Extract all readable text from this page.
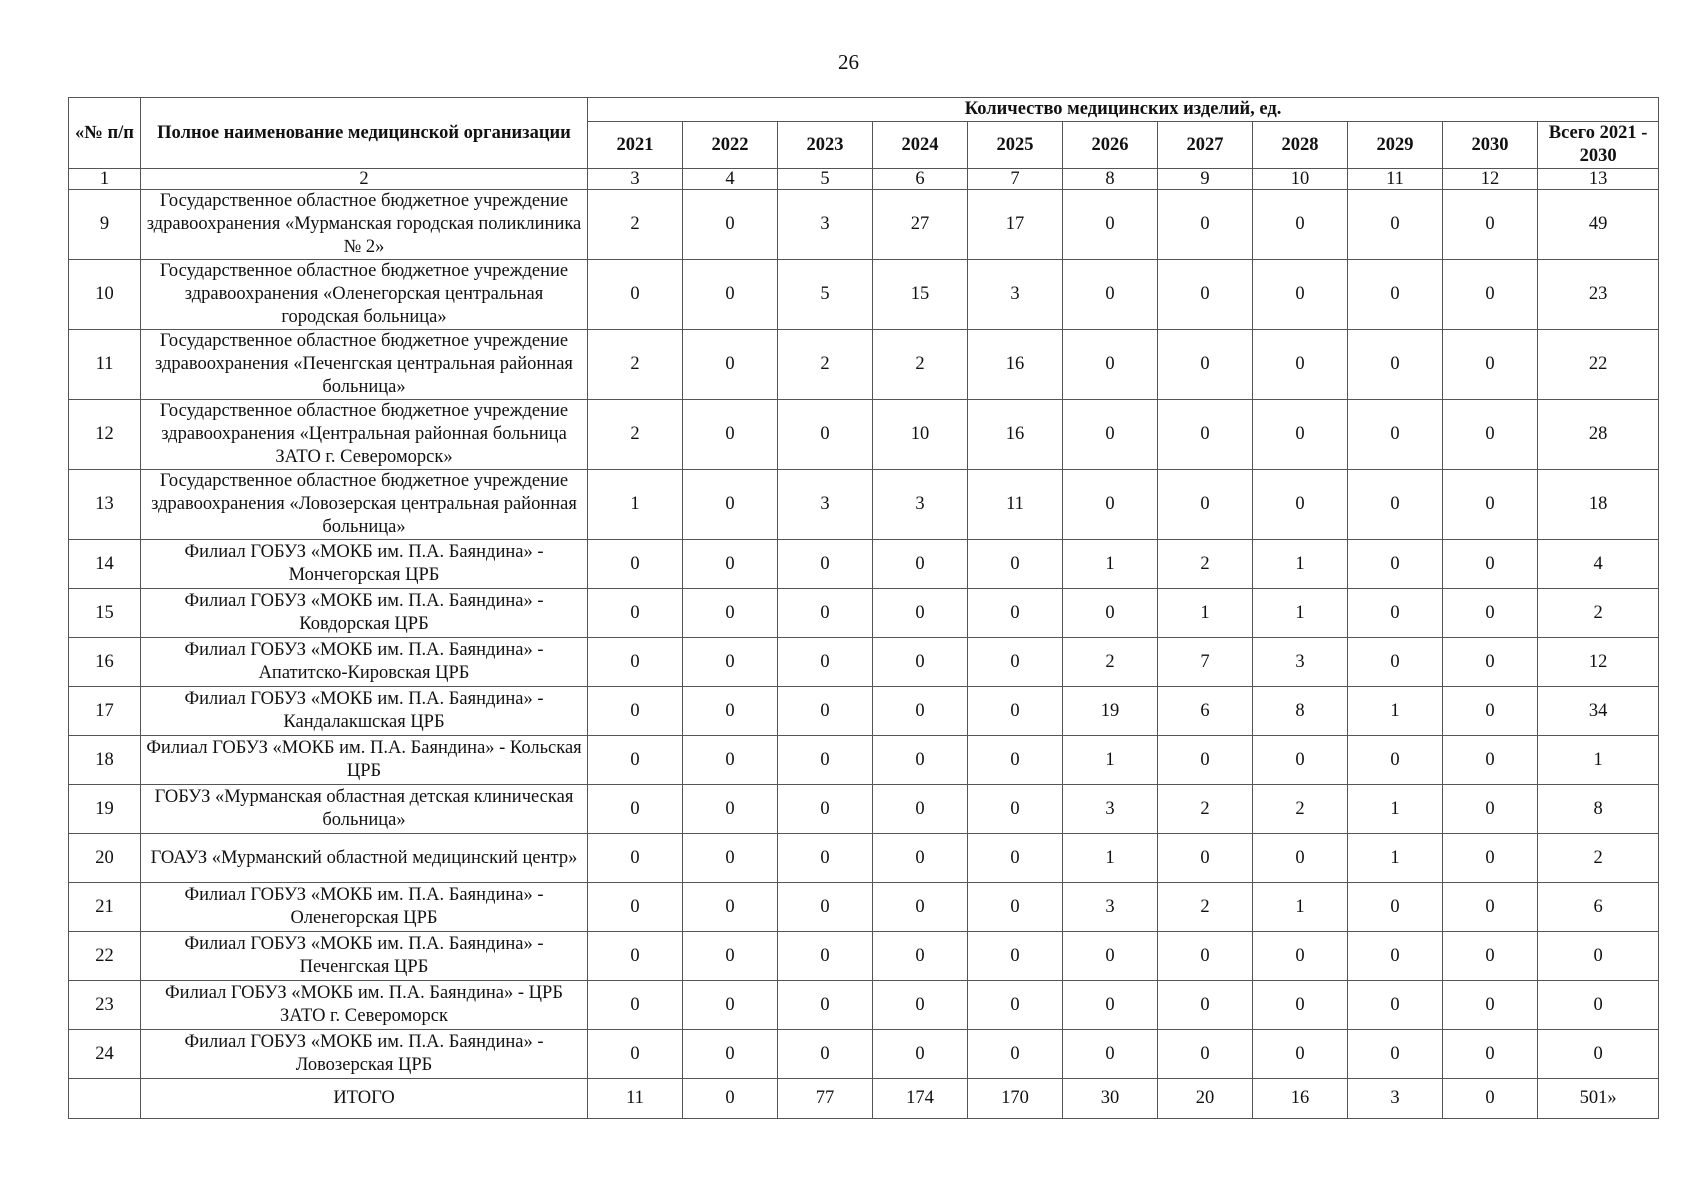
26
«№ п/п	Полное наименование медицинской организации	Количество медицинских изделий, ед.										
		2021	2022	2023	2024	2025	2026	2027	2028	2029	2030	Всего 2021 - 2030
1	2	3	4	5	6	7	8	9	10	11	12	13
9	Государственное областное бюджетное учреждение здравоохранения «Мурманская городская поликлиника № 2»	2	0	3	27	17	0	0	0	0	0	49
10	Государственное областное бюджетное учреждение здравоохранения «Оленегорская центральная городская больница»	0	0	5	15	3	0	0	0	0	0	23
11	Государственное областное бюджетное учреждение здравоохранения «Печенгская центральная районная больница»	2	0	2	2	16	0	0	0	0	0	22
12	Государственное областное бюджетное учреждение здравоохранения «Центральная районная больница ЗАТО г. Североморск»	2	0	0	10	16	0	0	0	0	0	28
13	Государственное областное бюджетное учреждение здравоохранения «Ловозерская центральная районная больница»	1	0	3	3	11	0	0	0	0	0	18
14	Филиал ГОБУЗ «МОКБ им. П.А. Баяндина» - Мончегорская ЦРБ	0	0	0	0	0	1	2	1	0	0	4
15	Филиал ГОБУЗ «МОКБ им. П.А. Баяндина» - Ковдорская ЦРБ	0	0	0	0	0	0	1	1	0	0	2
16	Филиал ГОБУЗ «МОКБ им. П.А. Баяндина» - Апатитско-Кировская ЦРБ	0	0	0	0	0	2	7	3	0	0	12
17	Филиал ГОБУЗ «МОКБ им. П.А. Баяндина» - Кандалакшская ЦРБ	0	0	0	0	0	19	6	8	1	0	34
18	Филиал ГОБУЗ «МОКБ им. П.А. Баяндина» - Кольская ЦРБ	0	0	0	0	0	1	0	0	0	0	1
19	ГОБУЗ «Мурманская областная детская клиническая больница»	0	0	0	0	0	3	2	2	1	0	8
20	ГОАУЗ «Мурманский областной медицинский центр»	0	0	0	0	0	1	0	0	1	0	2
21	Филиал ГОБУЗ «МОКБ им. П.А. Баяндина» - Оленегорская ЦРБ	0	0	0	0	0	3	2	1	0	0	6
22	Филиал ГОБУЗ «МОКБ им. П.А. Баяндина» - Печенгская ЦРБ	0	0	0	0	0	0	0	0	0	0	0
23	Филиал ГОБУЗ «МОКБ им. П.А. Баяндина» - ЦРБ ЗАТО г. Североморск	0	0	0	0	0	0	0	0	0	0	0
24	Филиал ГОБУЗ «МОКБ им. П.А. Баяндина» - Ловозерская ЦРБ	0	0	0	0	0	0	0	0	0	0	0
	ИТОГО	11	0	77	174	170	30	20	16	3	0	501»
